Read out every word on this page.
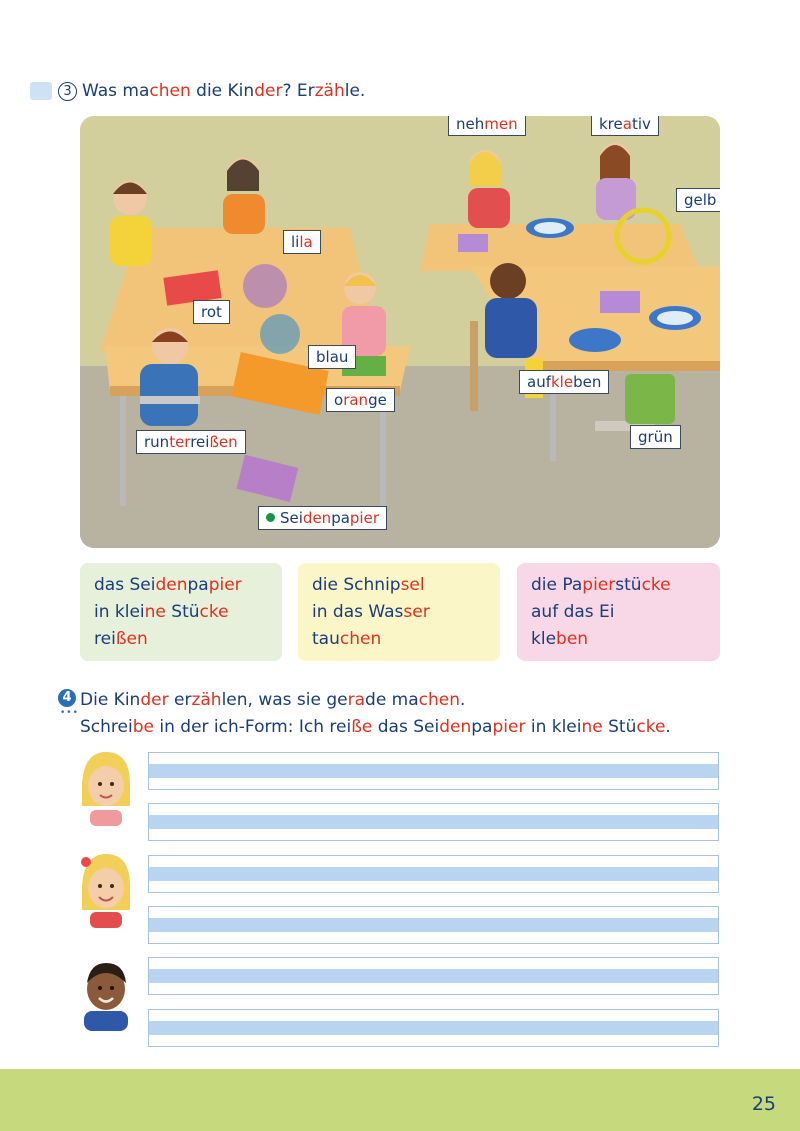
3 Was machen die Kinder? Erzähle.
nehmen	kreativ
gelb
lila
rot
blau
orange
aufkleben
grün
runterreißen
Seidenpapier
das Seidenpapier
in kleine Stücke
reißen
die Schnipsel
in das Wasser
tauchen
die Papierstücke
auf das Ei
kleben
4
•••
Die Kinder erzählen, was sie gerade machen.
Schreibe in der ich-Form: Ich reiße das Seidenpapier in kleine Stücke.
25
